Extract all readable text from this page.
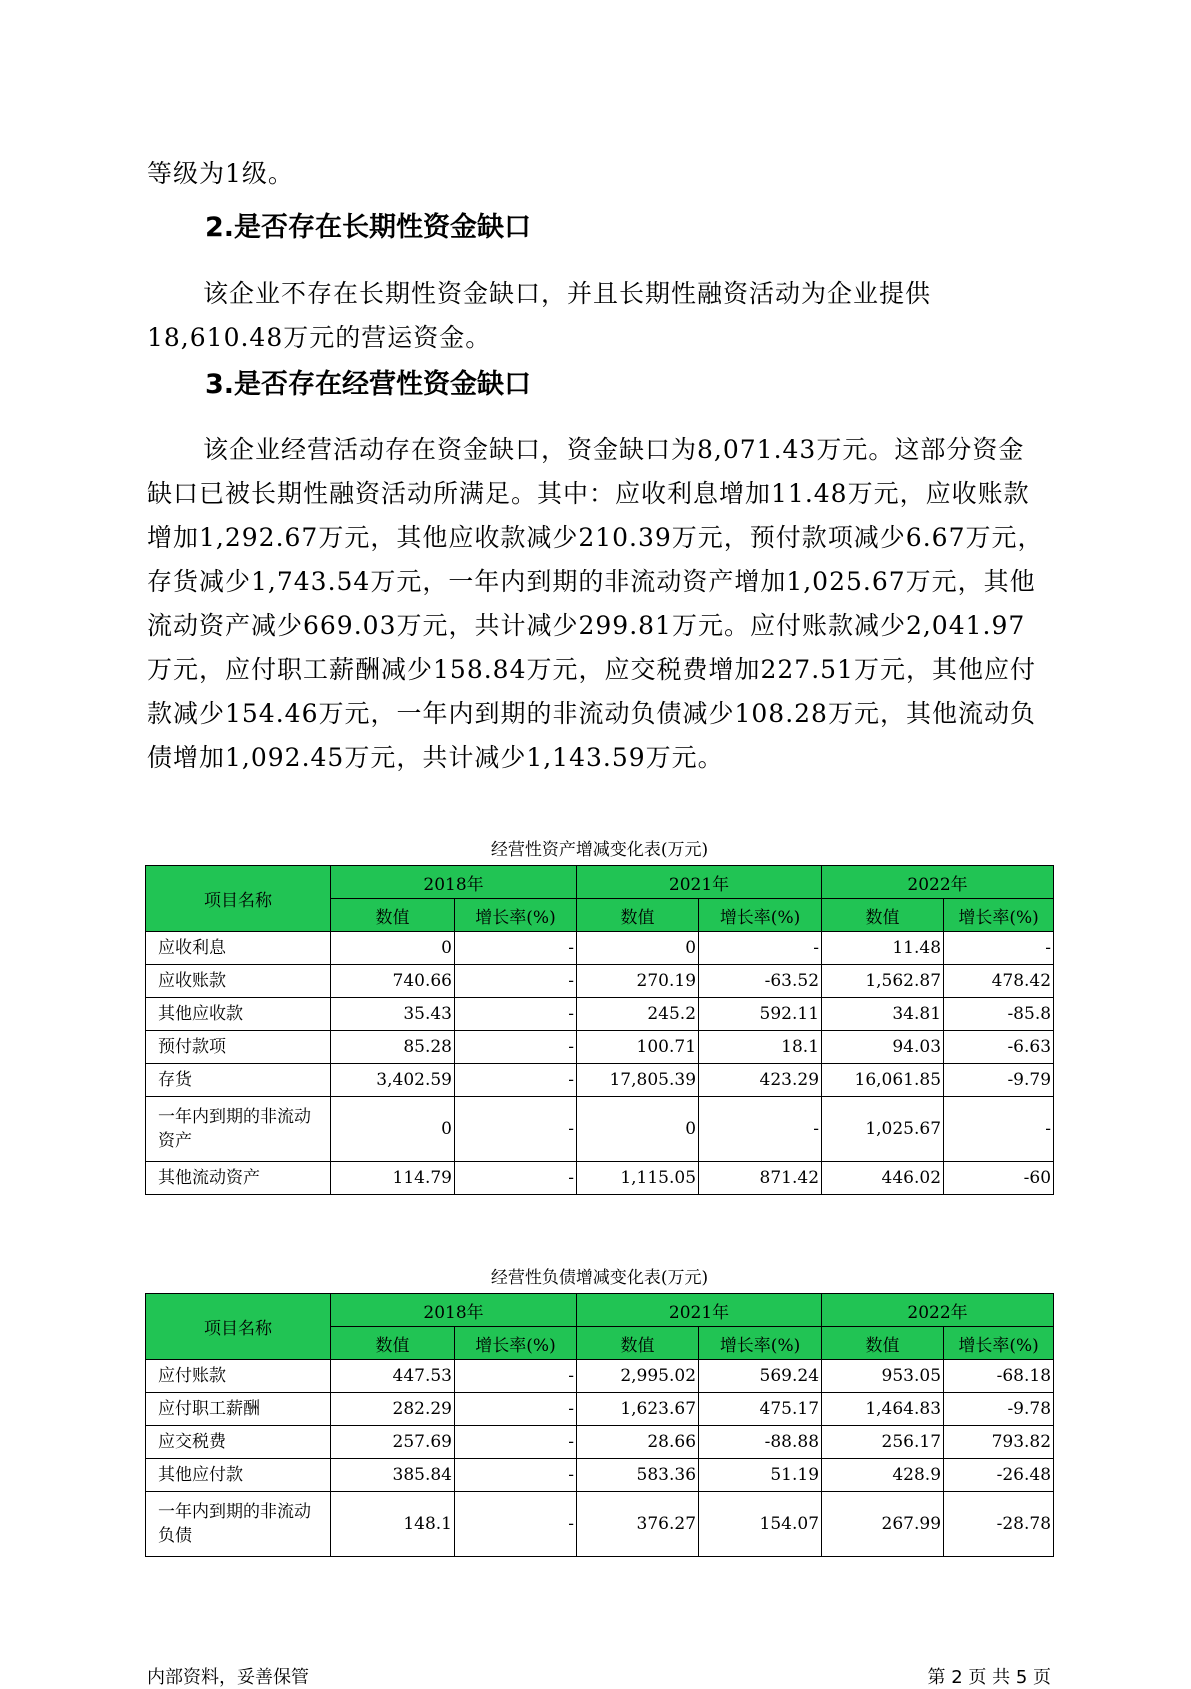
等级为1级。

2.是否存在长期性资金缺口

该企业不存在长期性资金缺口，并且长期性融资活动为企业提供18,610.48万元的营运资金。

3.是否存在经营性资金缺口

该企业经营活动存在资金缺口，资金缺口为8,071.43万元。这部分资金缺口已被长期性融资活动所满足。其中：应收利息增加11.48万元，应收账款增加1,292.67万元，其他应收款减少210.39万元，预付款项减少6.67万元，存货减少1,743.54万元，一年内到期的非流动资产增加1,025.67万元，其他流动资产减少669.03万元，共计减少299.81万元。应付账款减少2,041.97万元，应付职工薪酬减少158.84万元，应交税费增加227.51万元，其他应付款减少154.46万元，一年内到期的非流动负债减少108.28万元，其他流动负债增加1,092.45万元，共计减少1,143.59万元。

经营性资产增减变化表(万元)
项目名称	2018年		2021年		2022年	
	数值	增长率(%)	数值	增长率(%)	数值	增长率(%)
应收利息	0	-	0	-	11.48	-
应收账款	740.66	-	270.19	-63.52	1,562.87	478.42
其他应收款	35.43	-	245.2	592.11	34.81	-85.8
预付款项	85.28	-	100.71	18.1	94.03	-6.63
存货	3,402.59	-	17,805.39	423.29	16,061.85	-9.79
一年内到期的非流动资产	0	-	0	-	1,025.67	-
其他流动资产	114.79	-	1,115.05	871.42	446.02	-60
经营性负债增减变化表(万元)
项目名称	2018年		2021年		2022年	
	数值	增长率(%)	数值	增长率(%)	数值	增长率(%)
应付账款	447.53	-	2,995.02	569.24	953.05	-68.18
应付职工薪酬	282.29	-	1,623.67	475.17	1,464.83	-9.78
应交税费	257.69	-	28.66	-88.88	256.17	793.82
其他应付款	385.84	-	583.36	51.19	428.9	-26.48
一年内到期的非流动负债	148.1	-	376.27	154.07	267.99	-28.78
内部资料，妥善保管	第 2 页 共 5 页
